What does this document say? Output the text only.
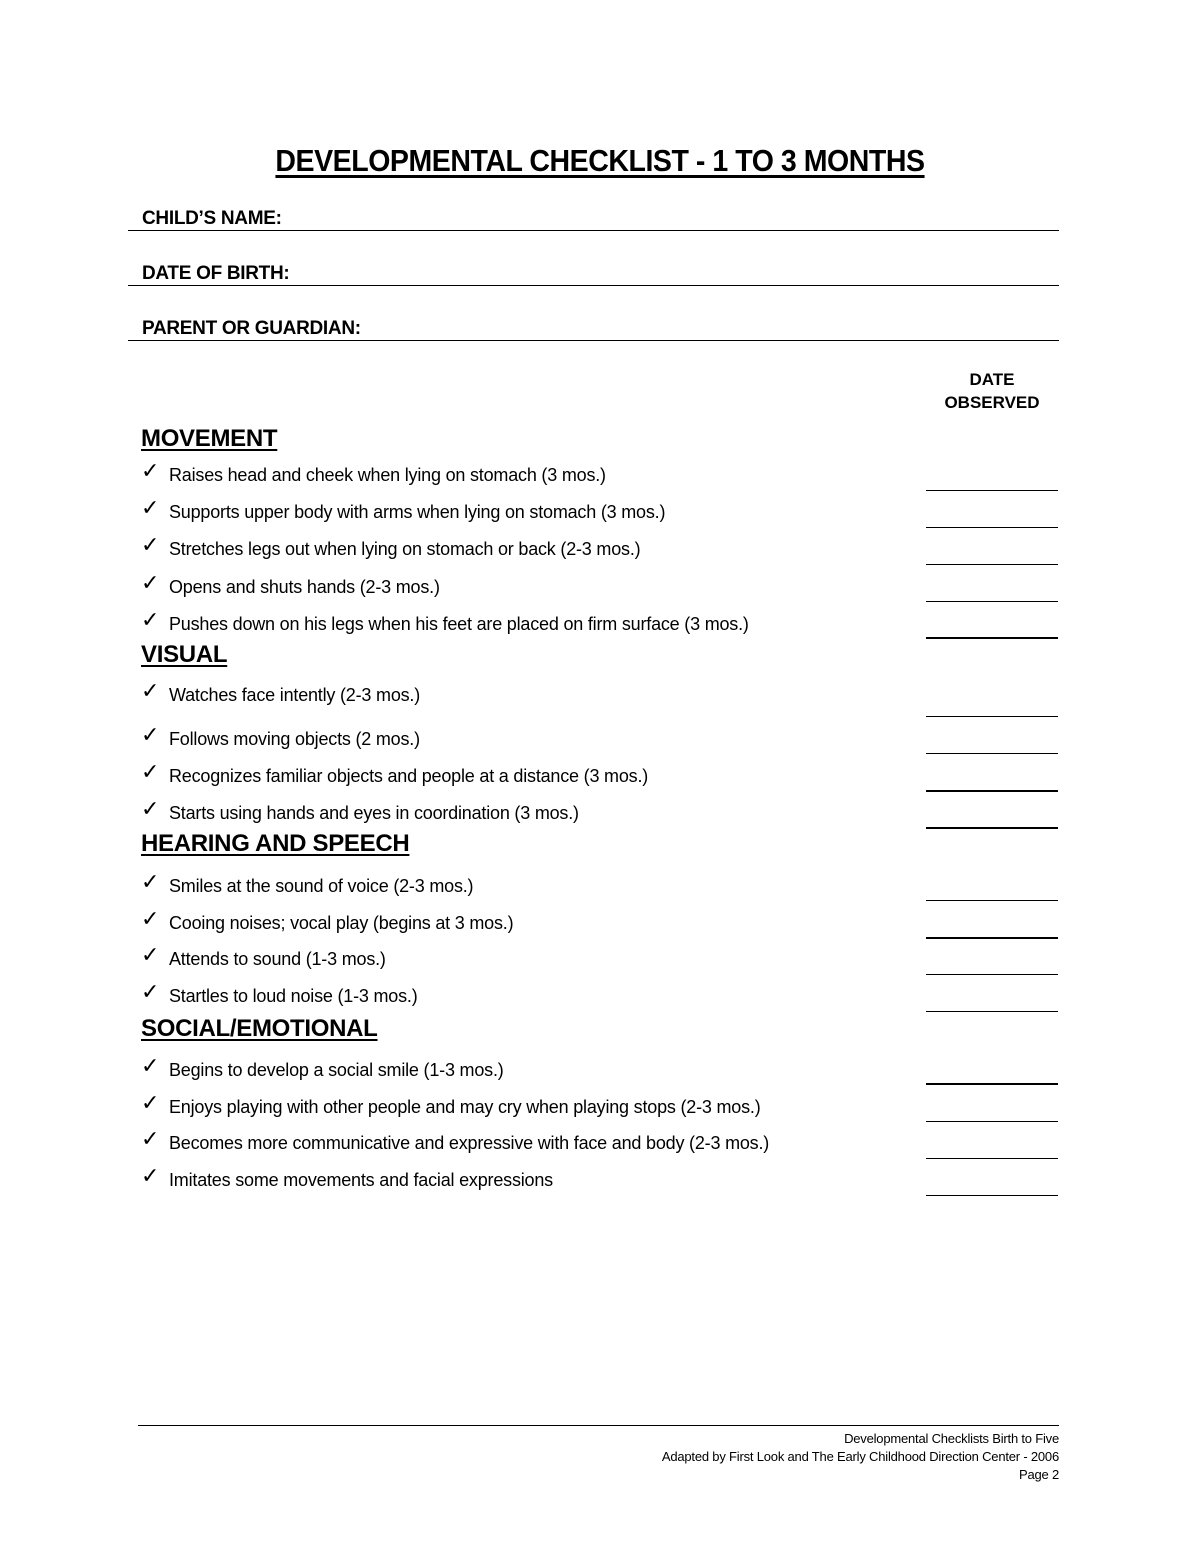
DEVELOPMENTAL CHECKLIST - 1 TO 3 MONTHS
CHILD’S NAME:
DATE OF BIRTH:
PARENT OR GUARDIAN:
DATE
OBSERVED
MOVEMENT
✓ Raises head and cheek when lying on stomach (3 mos.)
✓ Supports upper body with arms when lying on stomach (3 mos.)
✓ Stretches legs out when lying on stomach or back (2-3 mos.)
✓ Opens and shuts hands (2-3 mos.)
✓ Pushes down on his legs when his feet are placed on firm surface (3 mos.)
VISUAL
✓ Watches face intently (2-3 mos.)
✓ Follows moving objects (2 mos.)
✓ Recognizes familiar objects and people at a distance (3 mos.)
✓ Starts using hands and eyes in coordination (3 mos.)
HEARING AND SPEECH
✓ Smiles at the sound of voice (2-3 mos.)
✓ Cooing noises; vocal play (begins at 3 mos.)
✓ Attends to sound (1-3 mos.)
✓ Startles to loud noise (1-3 mos.)
SOCIAL/EMOTIONAL
✓ Begins to develop a social smile (1-3 mos.)
✓ Enjoys playing with other people and may cry when playing stops (2-3 mos.)
✓ Becomes more communicative and expressive with face and body (2-3 mos.)
✓ Imitates some movements and facial expressions
Developmental Checklists Birth to Five
Adapted by First Look and The Early Childhood Direction Center - 2006
Page 2
